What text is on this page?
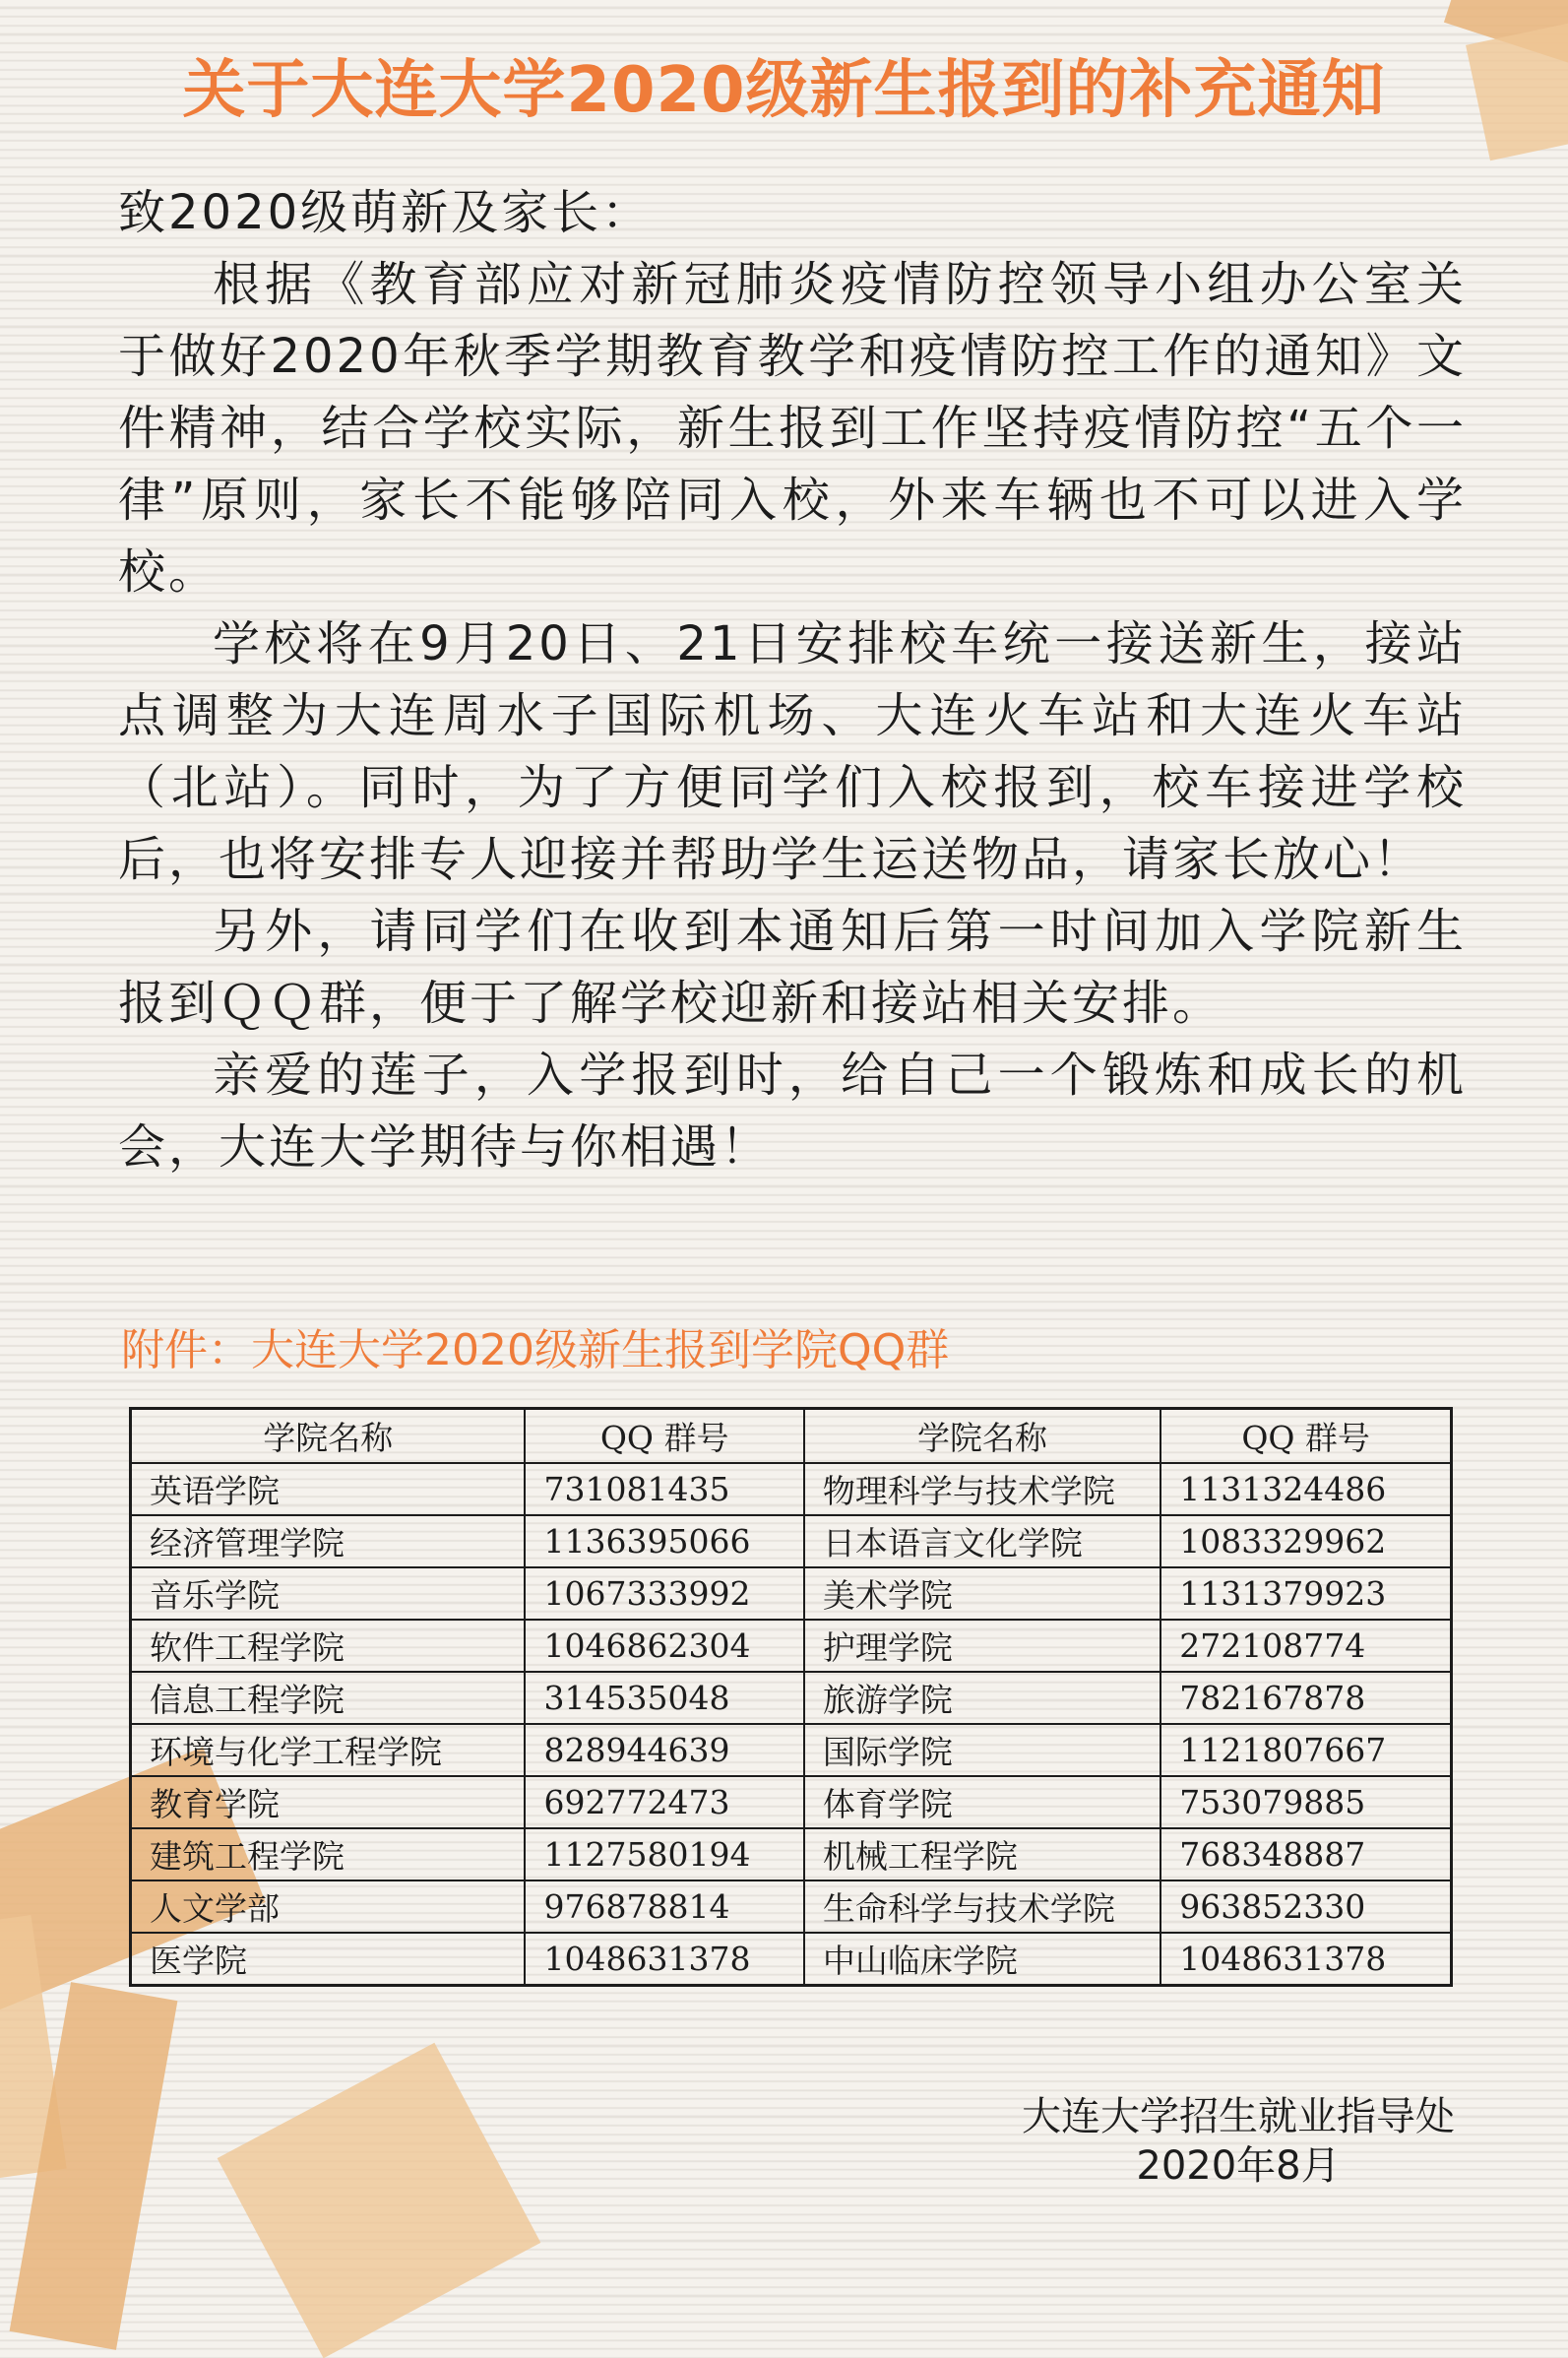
关于大连大学2020级新生报到的补充通知

致2020级萌新及家长：

根据《教育部应对新冠肺炎疫情防控领导小组办公室关于做好2020年秋季学期教育教学和疫情防控工作的通知》文件精神，结合学校实际，新生报到工作坚持疫情防控“五个一律”原则，家长不能够陪同入校，外来车辆也不可以进入学校。

学校将在9月20日、21日安排校车统一接送新生，接站点调整为大连周水子国际机场、大连火车站和大连火车站（北站）。同时，为了方便同学们入校报到，校车接进学校后，也将安排专人迎接并帮助学生运送物品，请家长放心！

另外，请同学们在收到本通知后第一时间加入学院新生报到ＱＱ群，便于了解学校迎新和接站相关安排。

亲爱的莲子，入学报到时，给自己一个锻炼和成长的机会，大连大学期待与你相遇！

附件：大连大学2020级新生报到学院QQ群
学院名称	QQ 群号	学院名称	QQ 群号
英语学院	731081435	物理科学与技术学院	1131324486
经济管理学院	1136395066	日本语言文化学院	1083329962
音乐学院	1067333992	美术学院	1131379923
软件工程学院	1046862304	护理学院	272108774
信息工程学院	314535048	旅游学院	782167878
环境与化学工程学院	828944639	国际学院	1121807667
教育学院	692772473	体育学院	753079885
建筑工程学院	1127580194	机械工程学院	768348887
人文学部	976878814	生命科学与技术学院	963852330
医学院	1048631378	中山临床学院	1048631378
大连大学招生就业指导处
2020年8月
